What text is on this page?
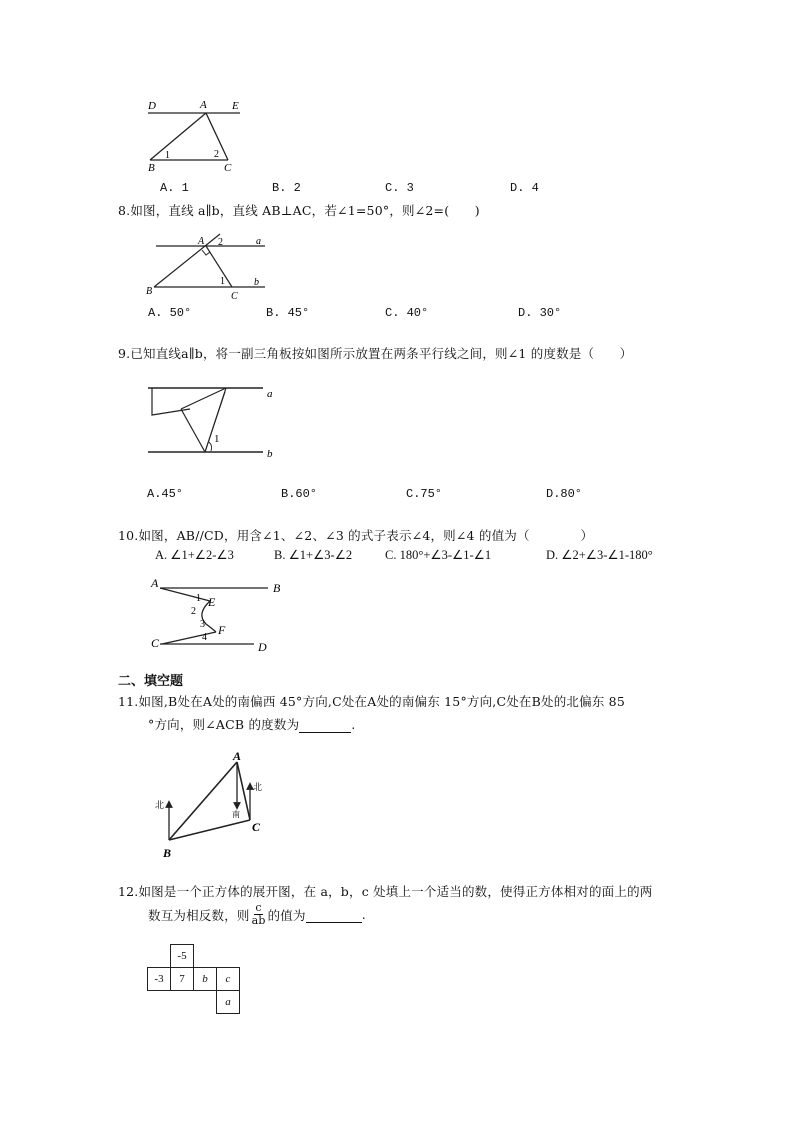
D	A E
B	C
1	2
A. 1	B. 2	C. 3	D. 4
8.如图，直线 a∥b，直线 AB⊥AC，若∠1=50°，则∠2=(　　)
A 2	a
B
1
C
b
A. 50°	B. 45°	C. 40°	D. 30°
9.已知直线a∥b，将一副三角板按如图所示放置在两条平行线之间，则∠1 的度数是（　　）
a
b
1
A.45°	B.60°	C.75°	D.80°
10.如图，AB//CD，用含∠1、∠2、∠3 的式子表示∠4，则∠4 的值为（　　　　）
A. ∠1+∠2-∠3	B. ∠1+∠3-∠2	C. 180°+∠3-∠1-∠1	D. ∠2+∠3-∠1-180°
A	B
C	D
E
F
1
2
3
4
二、填空题
11.如图,B处在A处的南偏西 45°方向,C处在A处的南偏东 15°方向,C处在B处的北偏东 85
°方向，则∠ACB 的度数为	.
A
B
C
北
北
南
12.如图是一个正方体的展开图，在 a，b，c 处填上一个适当的数，使得正方体相对的面上的两
数互为相反数，则 $\frac{c}{ab}$ 的值为	.
	-5		
-3	7	b	c
			a
